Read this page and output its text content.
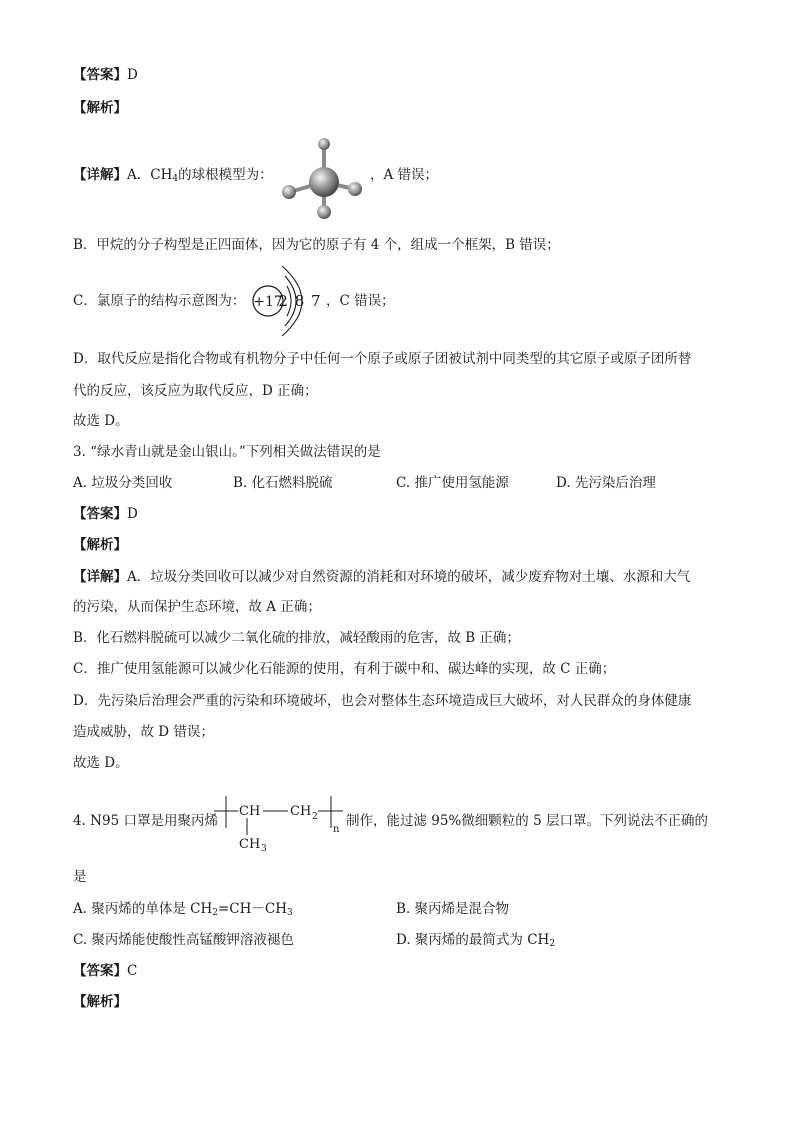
【答案】D
【解析】
【详解】A．$CH_4$的球根模型为：	，A 错误；
B．甲烷的分子构型是正四面体，因为它的原子有 4 个，组成一个框架，B 错误；
C．氯原子的结构示意图为： +17
2 8 7 ，C 错误；
D．取代反应是指化合物或有机物分子中任何一个原子或原子团被试剂中同类型的其它原子或原子团所替
代的反应，该反应为取代反应，D 正确；
故选 D。
3. “绿水青山就是金山银山。”下列相关做法错误的是
A. 垃圾分类回收	B. 化石燃料脱硫	C. 推广使用氢能源	D. 先污染后治理
【答案】D
【解析】
【详解】A．垃圾分类回收可以减少对自然资源的消耗和对环境的破坏，减少废弃物对土壤、水源和大气
的污染，从而保护生态环境，故 A 正确；
B．化石燃料脱硫可以减少二氧化硫的排放，减轻酸雨的危害，故 B 正确；
C．推广使用氢能源可以减少化石能源的使用，有利于碳中和、碳达峰的实现，故 C 正确；
D．先污染后治理会严重的污染和环境破坏，也会对整体生态环境造成巨大破坏，对人民群众的身体健康
造成威胁，故 D 错误；
故选 D。
4. N95 口罩是用聚丙烯
CH CH 2
n
CH 3
制作，能过滤 95%微细颗粒的 5 层口罩。下列说法不正确的
是
A. 聚丙烯的单体是 $CH_2=CH-CH_3$	B. 聚丙烯是混合物
C. 聚丙烯能使酸性高锰酸钾溶液褪色	D. 聚丙烯的最简式为 $CH_2$
【答案】C
【解析】
